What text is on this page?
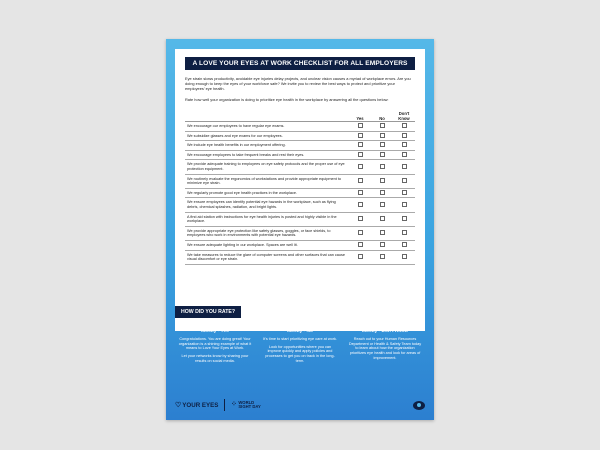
A LOVE YOUR EYES AT WORK CHECKLIST FOR ALL EMPLOYERS

Eye strain slows productivity, avoidable eye injuries delay projects, and unclear vision causes a myriad of workplace errors. Are you doing enough to keep the eyes of your workforce safe? We invite you to review the best ways to protect and prioritize your employees' eye health.

Rate how well your organization is doing to prioritize eye health in the workplace by answering all the questions below:

Yes	No
Don't Know
We encourage our employees to have regular eye exams.
We subsidize glasses and eye exams for our employees.
We include eye health benefits in our employment offering.
We encourage employees to take frequent breaks and rest their eyes.
We provide adequate training to employees on eye safety protocols and the proper use of eye protection equipment.
We routinely evaluate the ergonomics of workstations and provide appropriate equipment to minimize eye strain.
We regularly promote good eye health practices in the workplace.
We ensure employees can identify potential eye hazards in the workplace, such as flying debris, chemical splashes, radiation, and bright lights.
A first aid station with instructions for eye health injuries is posted and highly visible in the workplace.
We provide appropriate eye protection like safety glasses, goggles, or face shields, to employees who work in environments with potential eye hazards.
We ensure adequate lighting in our workplace. Spaces are well lit.
We take measures to reduce the glare of computer screens and other surfaces that can cause visual discomfort or eye strain.
HOW DID YOU RATE?
Mostly - Yes

Congratulations. You are doing great! Your organization is a shining example of what it means to Love Your Eyes at Work.

Let your networks know by sharing your results on social media.

Mostly - No

It's time to start prioritizing eye care at work.

Look for opportunities where you can improve quickly and apply policies and processes to get you on track in the long-term.

Mostly - Don't Know

Reach out to your Human Resources Department or Health & Safety Team today to learn about how the organization prioritizes eye health and look for areas of improvement.

♡ YOUR EYES ⁘ WORLD
SIGHT DAY
